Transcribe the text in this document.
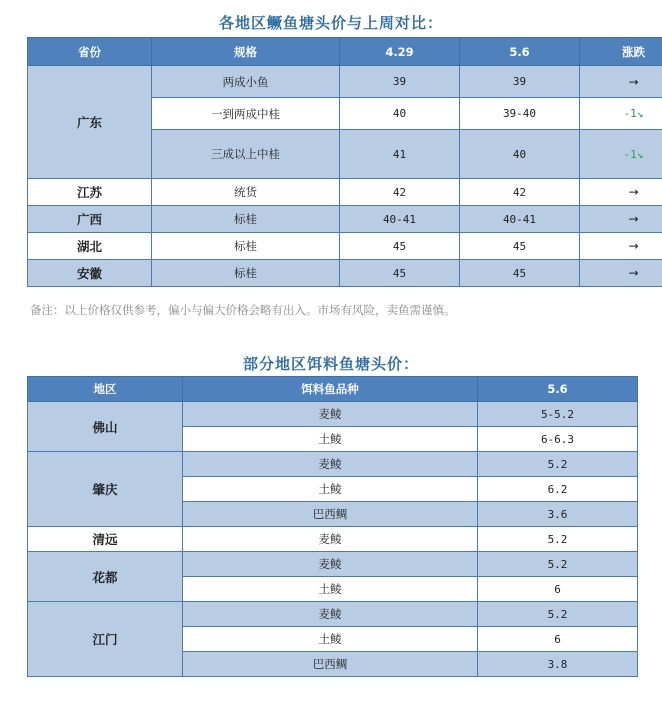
各地区鳜鱼塘头价与上周对比：
省份	规格	4.29	5.6	涨跌
广东	两成小鱼	39	39	→
	一到两成中桂	40	39-40	-1↘
	三成以上中桂	41	40	-1↘
江苏	统货	42	42	→
广西	标桂	40-41	40-41	→
湖北	标桂	45	45	→
安徽	标桂	45	45	→
备注：以上价格仅供参考，偏小与偏大价格会略有出入。市场有风险，卖鱼需谨慎。
部分地区饵料鱼塘头价：
地区	饵料鱼品种	5.6
佛山	麦鲮	5-5.2
	土鲮	6-6.3
肇庆	麦鲮	5.2
	土鲮	6.2
	巴西鲷	3.6
清远	麦鲮	5.2
花都	麦鲮	5.2
	土鲮	6
江门	麦鲮	5.2
	土鲮	6
	巴西鲷	3.8
